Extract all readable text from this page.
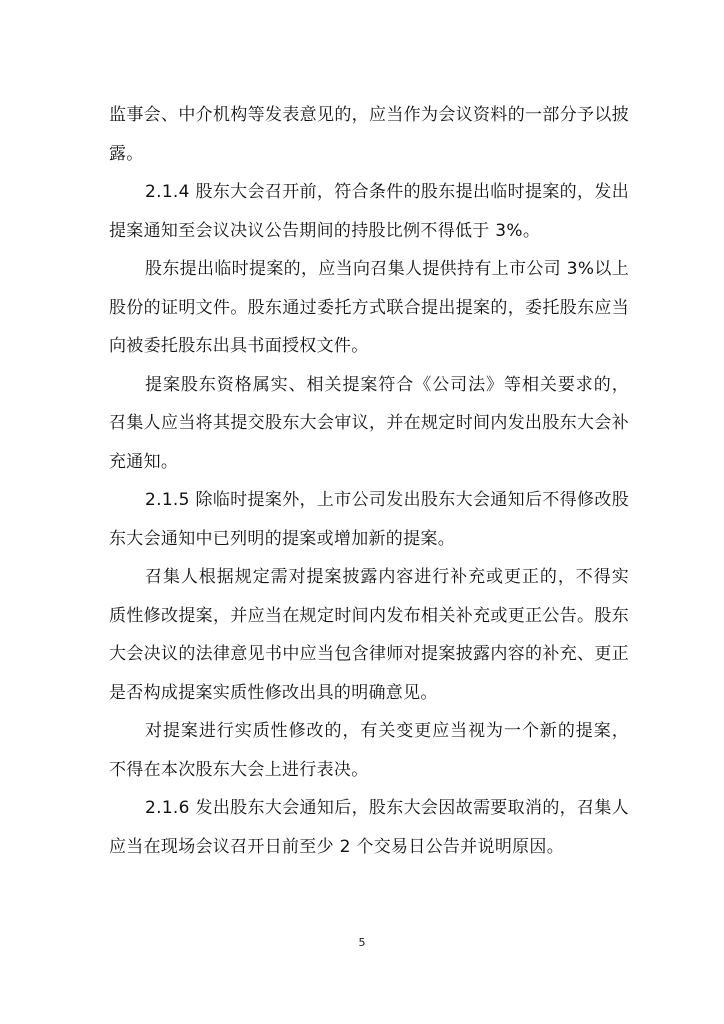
监事会、中介机构等发表意见的，应当作为会议资料的一部分予以披露。

2.1.4 股东大会召开前，符合条件的股东提出临时提案的，发出提案通知至会议决议公告期间的持股比例不得低于 3%。

股东提出临时提案的，应当向召集人提供持有上市公司 3%以上股份的证明文件。股东通过委托方式联合提出提案的，委托股东应当向被委托股东出具书面授权文件。

提案股东资格属实、相关提案符合《公司法》等相关要求的，召集人应当将其提交股东大会审议，并在规定时间内发出股东大会补充通知。

2.1.5 除临时提案外，上市公司发出股东大会通知后不得修改股东大会通知中已列明的提案或增加新的提案。

召集人根据规定需对提案披露内容进行补充或更正的，不得实质性修改提案，并应当在规定时间内发布相关补充或更正公告。股东大会决议的法律意见书中应当包含律师对提案披露内容的补充、更正是否构成提案实质性修改出具的明确意见。

对提案进行实质性修改的，有关变更应当视为一个新的提案，不得在本次股东大会上进行表决。

2.1.6 发出股东大会通知后，股东大会因故需要取消的，召集人应当在现场会议召开日前至少 2 个交易日公告并说明原因。

5
